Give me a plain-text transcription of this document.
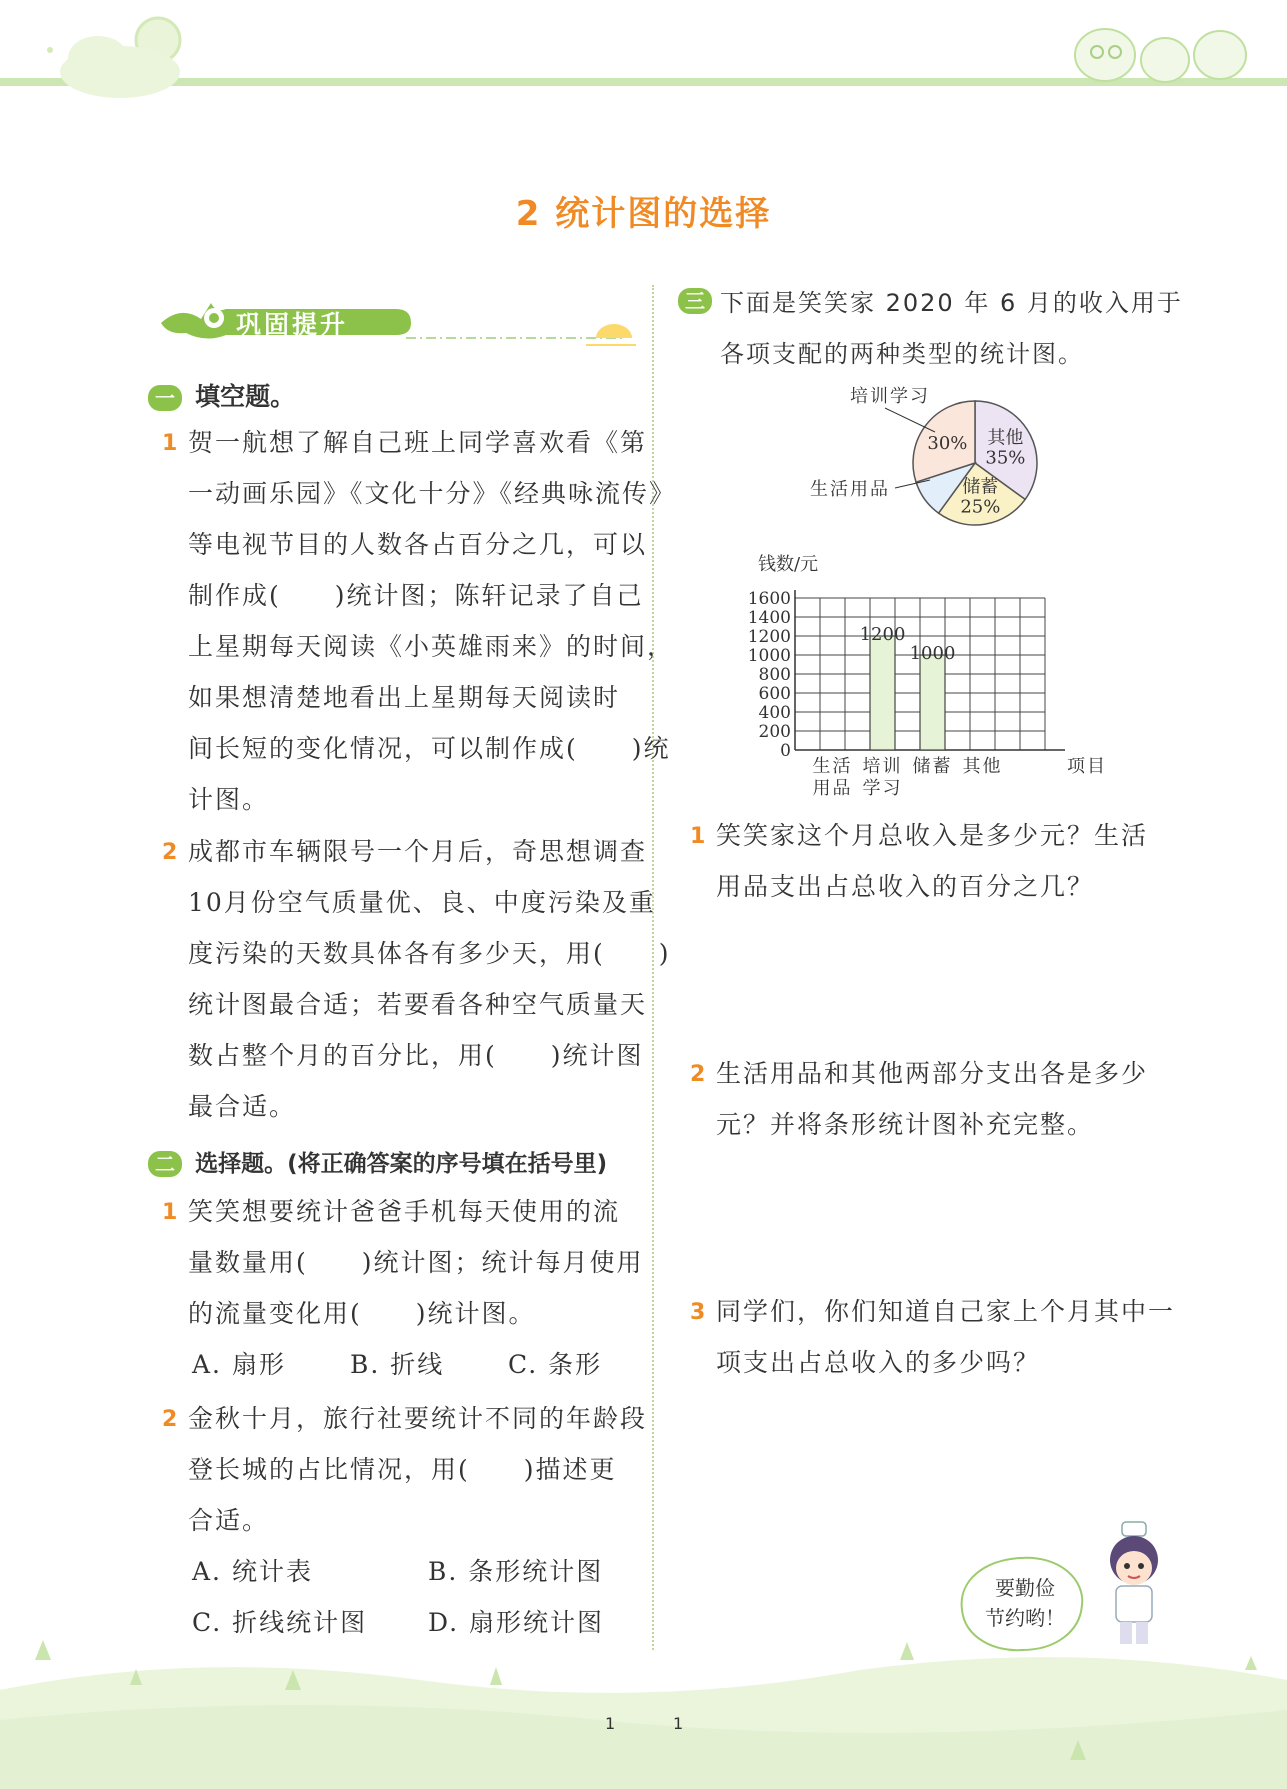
2 统计图的选择
巩固提升
一 填空题。
1 贺一航想了解自己班上同学喜欢看《第
一动画乐园》《文化十分》《经典咏流传》
等电视节目的人数各占百分之几，可以
制作成(　　)统计图；陈轩记录了自己
上星期每天阅读《小英雄雨来》的时间，
如果想清楚地看出上星期每天阅读时
间长短的变化情况，可以制作成(　　)统
计图。
2 成都市车辆限号一个月后，奇思想调查
10月份空气质量优、良、中度污染及重
度污染的天数具体各有多少天，用(　　)
统计图最合适；若要看各种空气质量天
数占整个月的百分比，用(　　)统计图
最合适。
二 选择题。(将正确答案的序号填在括号里)
1 笑笑想要统计爸爸手机每天使用的流
量数量用(　　)统计图；统计每月使用
的流量变化用(　　)统计图。
A. 扇形	B. 折线	C. 条形
2 金秋十月，旅行社要统计不同的年龄段
登长城的占比情况，用(　　)描述更
合适。
A. 统计表	B. 条形统计图
C. 折线统计图 D. 扇形统计图
三 下面是笑笑家 2020 年 6 月的收入用于
各项支配的两种类型的统计图。
30% 其他
35%
储蓄
25%
培训学习
生活用品
钱数/元
0
200
400
600
800
1000
1200
1400
1600
生活
用品
1200
培训
学习
1000
储蓄 其他	项目
1 笑笑家这个月总收入是多少元？生活
用品支出占总收入的百分之几？
2 生活用品和其他两部分支出各是多少
元？并将条形统计图补充完整。
3 同学们，你们知道自己家上个月其中一
项支出占总收入的多少吗？
要勤俭
节约哟！
1	1
